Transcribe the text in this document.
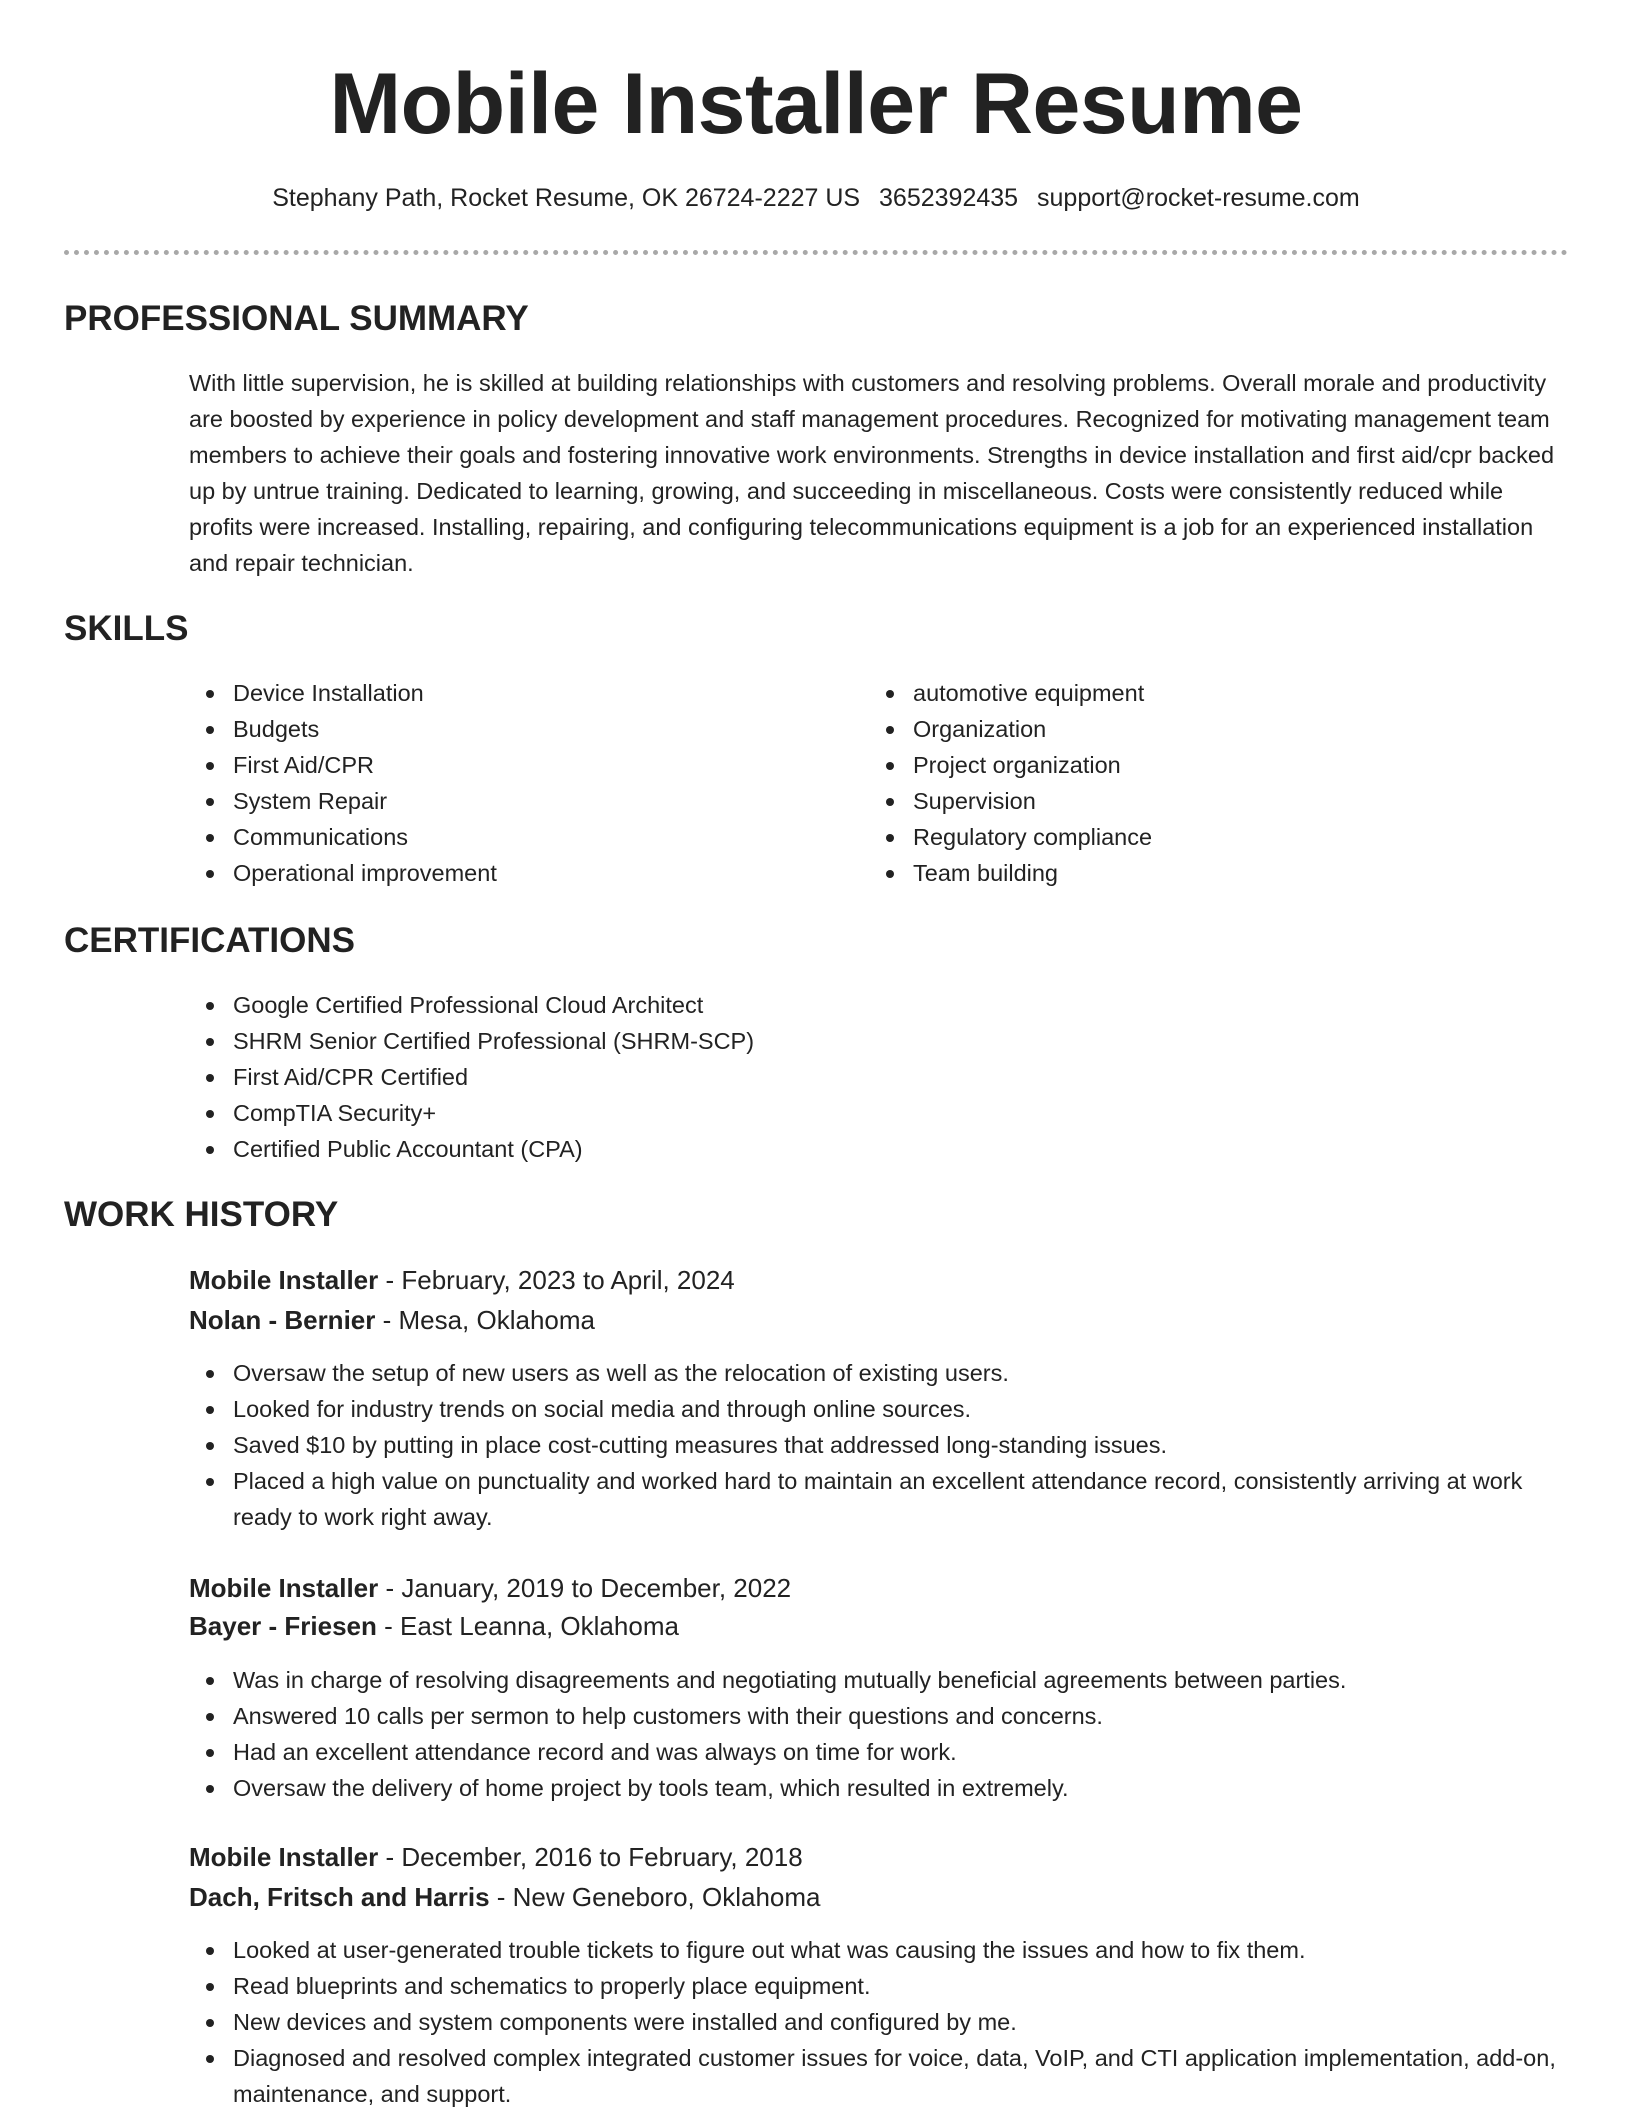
Mobile Installer Resume

Stephany Path, Rocket Resume, OK 26724-2227 US 3652392435 support@rocket-resume.com

PROFESSIONAL SUMMARY

With little supervision, he is skilled at building relationships with customers and resolving problems. Overall morale and productivity are boosted by experience in policy development and staff management procedures. Recognized for motivating management team members to achieve their goals and fostering innovative work environments. Strengths in device installation and first aid/cpr backed up by untrue training. Dedicated to learning, growing, and succeeding in miscellaneous. Costs were consistently reduced while profits were increased. Installing, repairing, and configuring telecommunications equipment is a job for an experienced installation and repair technician.

SKILLS
Device Installation
Budgets
First Aid/CPR
System Repair
Communications
Operational improvement
automotive equipment
Organization
Project organization
Supervision
Regulatory compliance
Team building
CERTIFICATIONS
Google Certified Professional Cloud Architect
SHRM Senior Certified Professional (SHRM-SCP)
First Aid/CPR Certified
CompTIA Security+
Certified Public Accountant (CPA)
WORK HISTORY

Mobile Installer - February, 2023 to April, 2024

Nolan - Bernier - Mesa, Oklahoma

Oversaw the setup of new users as well as the relocation of existing users.
Looked for industry trends on social media and through online sources.
Saved $10 by putting in place cost-cutting measures that addressed long-standing issues.
Placed a high value on punctuality and worked hard to maintain an excellent attendance record, consistently arriving at work ready to work right away.

Mobile Installer - January, 2019 to December, 2022

Bayer - Friesen - East Leanna, Oklahoma

Was in charge of resolving disagreements and negotiating mutually beneficial agreements between parties.
Answered 10 calls per sermon to help customers with their questions and concerns.
Had an excellent attendance record and was always on time for work.
Oversaw the delivery of home project by tools team, which resulted in extremely.

Mobile Installer - December, 2016 to February, 2018

Dach, Fritsch and Harris - New Geneboro, Oklahoma

Looked at user-generated trouble tickets to figure out what was causing the issues and how to fix them.
Read blueprints and schematics to properly place equipment.
New devices and system components were installed and configured by me.
Diagnosed and resolved complex integrated customer issues for voice, data, VoIP, and CTI application implementation, add-on, maintenance, and support.
